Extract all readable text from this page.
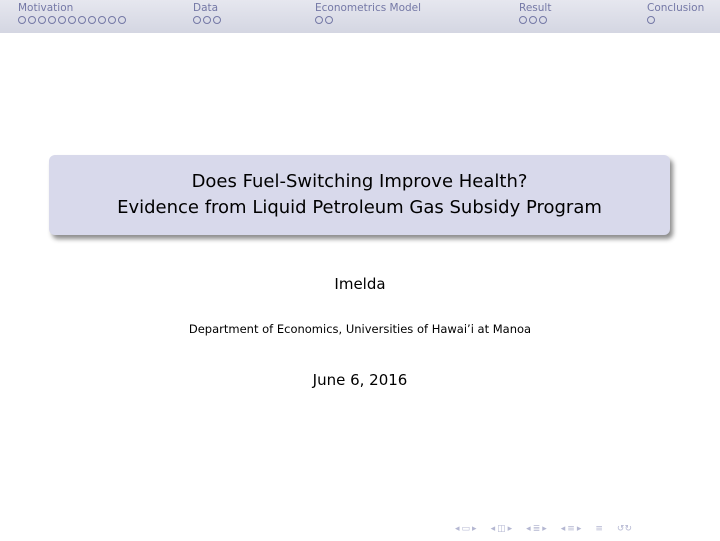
Motivation	Data	Econometrics Model	Result	Conclusion
Does Fuel-Switching Improve Health?
Evidence from Liquid Petroleum Gas Subsidy Program
Imelda
Department of Economics, Universities of Hawai’i at Manoa
June 6, 2016
◂ ▭ ▸ ◂ ◫ ▸ ◂ ≣ ▸ ◂ ≡ ▸ ≡ ↺↻
